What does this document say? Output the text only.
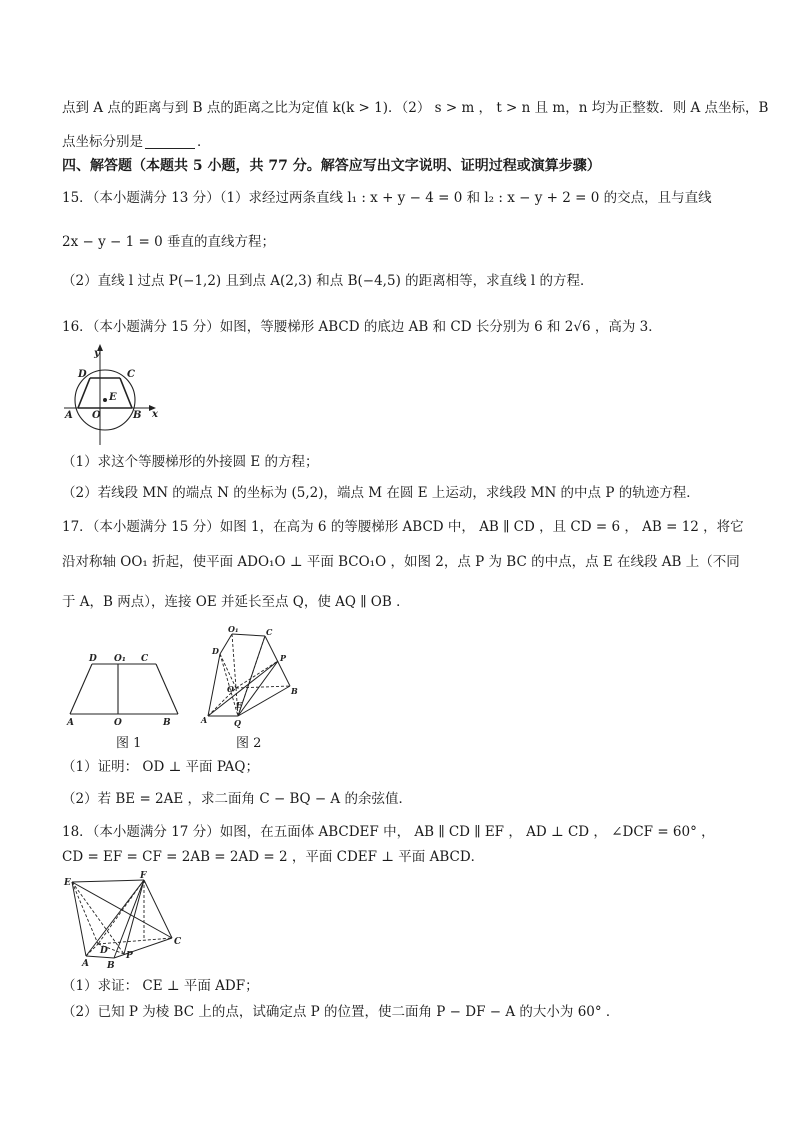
点到 A 点的距离与到 B 点的距离之比为定值 k(k > 1)．（2） s > m ， t > n 且 m，n 均为正整数．则 A 点坐标，B
点坐标分别是	．
四、解答题（本题共 5 小题，共 77 分。解答应写出文字说明、证明过程或演算步骤）
15．（本小题满分 13 分）（1）求经过两条直线 l₁ : x + y − 4 = 0 和 l₂ : x − y + 2 = 0 的交点，且与直线
2x − y − 1 = 0 垂直的直线方程；
（2）直线 l 过点 P(−1,2) 且到点 A(2,3) 和点 B(−4,5) 的距离相等，求直线 l 的方程．
16．（本小题满分 15 分）如图，等腰梯形 ABCD 的底边 AB 和 CD 长分别为 6 和 2√6 ，高为 3．
y
x
D	C
E
A O	B
（1）求这个等腰梯形的外接圆 E 的方程；
（2）若线段 MN 的端点 N 的坐标为 (5,2)，端点 M 在圆 E 上运动，求线段 MN 的中点 P 的轨迹方程．
17．（本小题满分 15 分）如图 1，在高为 6 的等腰梯形 ABCD 中， AB ∥ CD ，且 CD = 6 ， AB = 12 ，将它
沿对称轴 OO₁ 折起，使平面 ADO₁O ⊥ 平面 BCO₁O ，如图 2，点 P 为 BC 的中点，点 E 在线段 AB 上（不同
于 A，B 两点），连接 OE 并延长至点 Q，使 AQ ∥ OB ．
D O₁ C
A	O	B
图 1
O₁	C
D
P
O	B
E
A	Q
图 2
（1）证明： OD ⊥ 平面 PAQ；
（2）若 BE = 2AE ，求二面角 C − BQ − A 的余弦值．
18．（本小题满分 17 分）如图，在五面体 ABCDEF 中， AB ∥ CD ∥ EF ， AD ⊥ CD ， ∠DCF = 60° ，
CD = EF = CF = 2AB = 2AD = 2 ，平面 CDEF ⊥ 平面 ABCD．
E
F
D
C
A B
P
（1）求证： CE ⊥ 平面 ADF；
（2）已知 P 为棱 BC 上的点，试确定点 P 的位置，使二面角 P − DF − A 的大小为 60° ．
